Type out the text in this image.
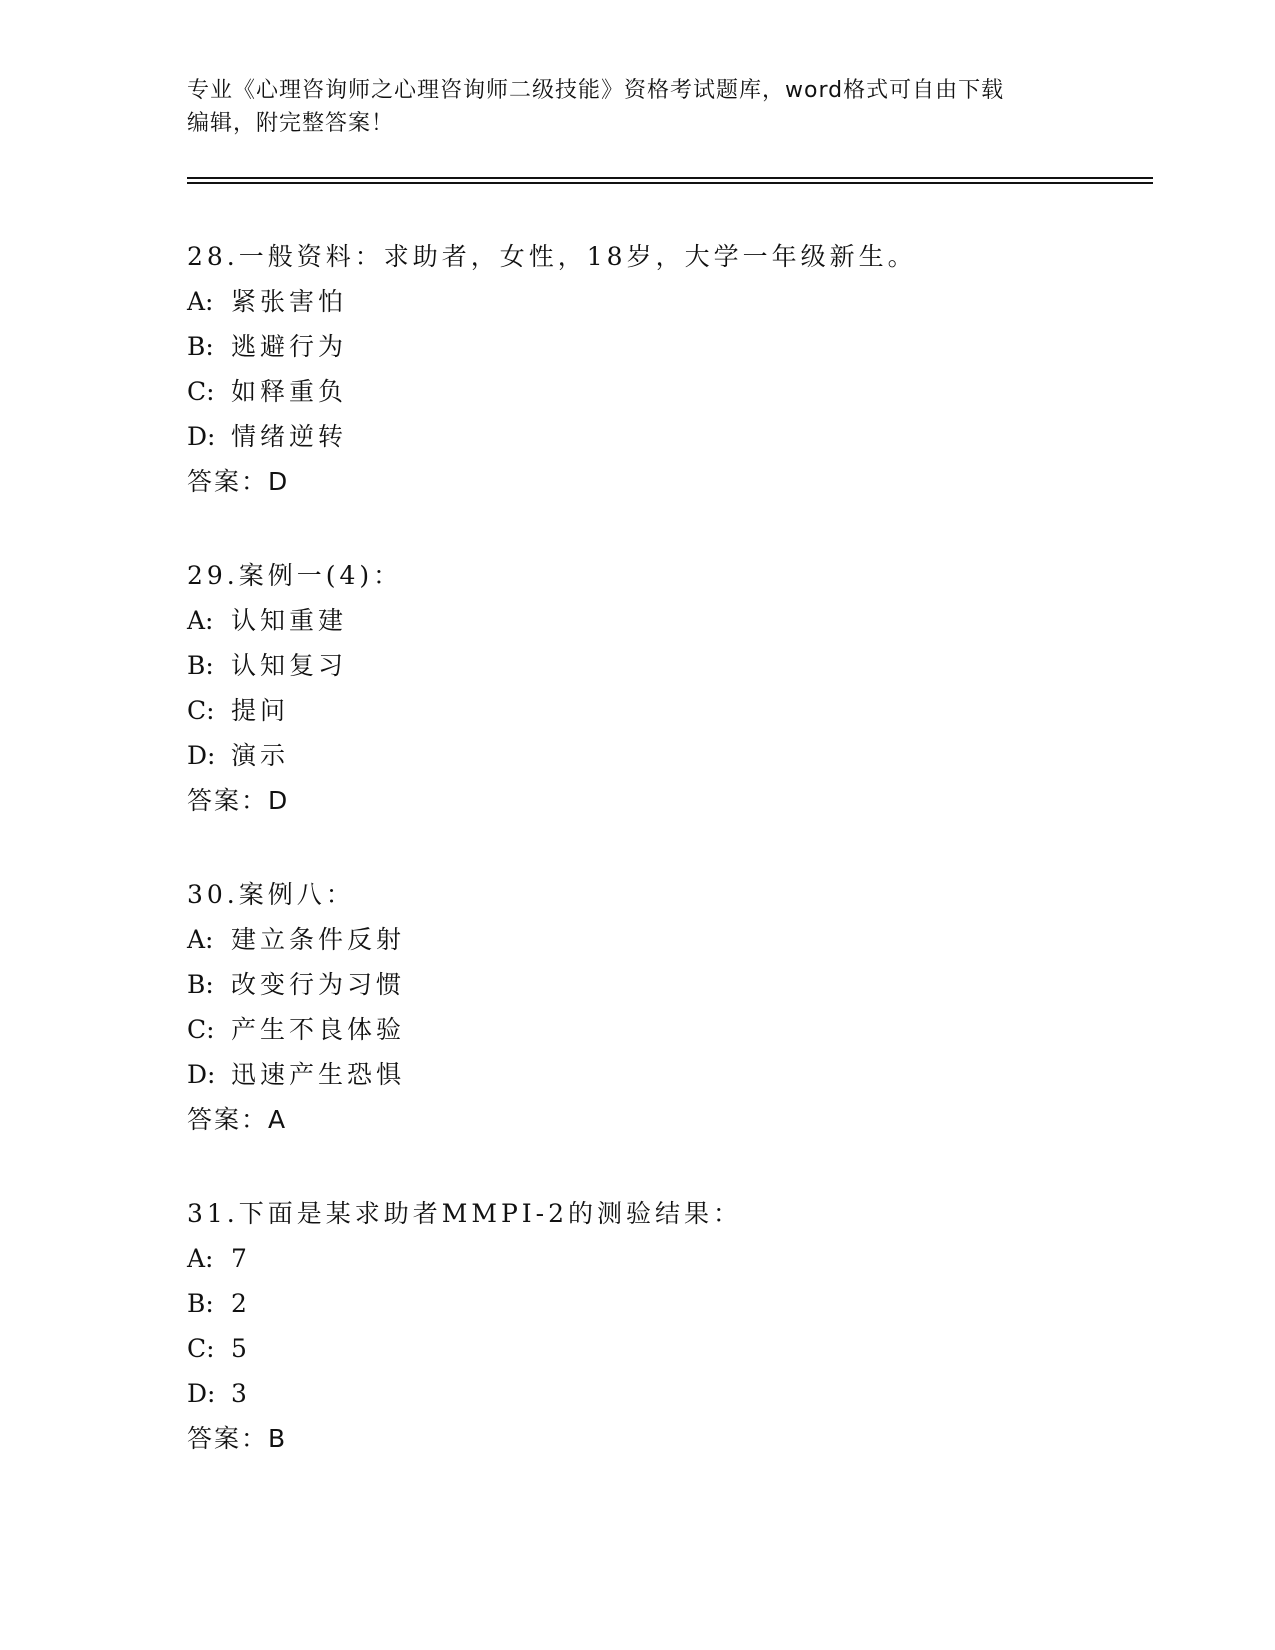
专业《心理咨询师之心理咨询师二级技能》资格考试题库，word格式可自由下载
编辑，附完整答案！
28.一般资料：求助者，女性，18岁，大学一年级新生。
A: 紧张害怕
B: 逃避行为
C: 如释重负
D: 情绪逆转
答案：D
29.案例一(4)：
A: 认知重建
B: 认知复习
C: 提问
D: 演示
答案：D
30.案例八：
A: 建立条件反射
B: 改变行为习惯
C: 产生不良体验
D: 迅速产生恐惧
答案：A
31.下面是某求助者MMPI-2的测验结果：
A: 7
B: 2
C: 5
D: 3
答案：B
